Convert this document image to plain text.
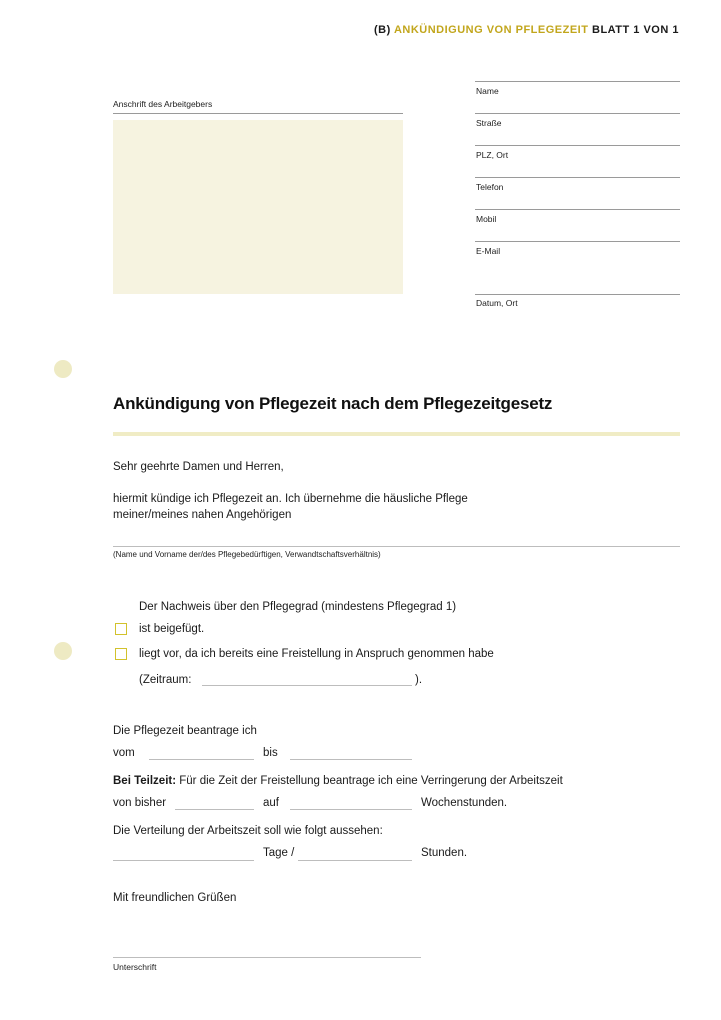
(B) ANKÜNDIGUNG VON PFLEGEZEIT BLATT 1 VON 1
Anschrift des Arbeitgebers
Name
Straße
PLZ, Ort
Telefon
Mobil
E-Mail
Datum, Ort
Ankündigung von Pflegezeit nach dem Pflegezeitgesetz
Sehr geehrte Damen und Herren,
hiermit kündige ich Pflegezeit an. Ich übernehme die häusliche Pflege
meiner/meines nahen Angehörigen
(Name und Vorname der/des Pflegebedürftigen, Verwandtschaftsverhältnis)
Der Nachweis über den Pflegegrad (mindestens Pflegegrad 1)
ist beigefügt.
liegt vor, da ich bereits eine Freistellung in Anspruch genommen habe
(Zeitraum:	).
Die Pflegezeit beantrage ich
vom	bis
Bei Teilzeit: Für die Zeit der Freistellung beantrage ich eine Verringerung der Arbeitszeit
von bisher	auf	Wochenstunden.
Die Verteilung der Arbeitszeit soll wie folgt aussehen:
Tage /	Stunden.
Mit freundlichen Grüßen
Unterschrift
